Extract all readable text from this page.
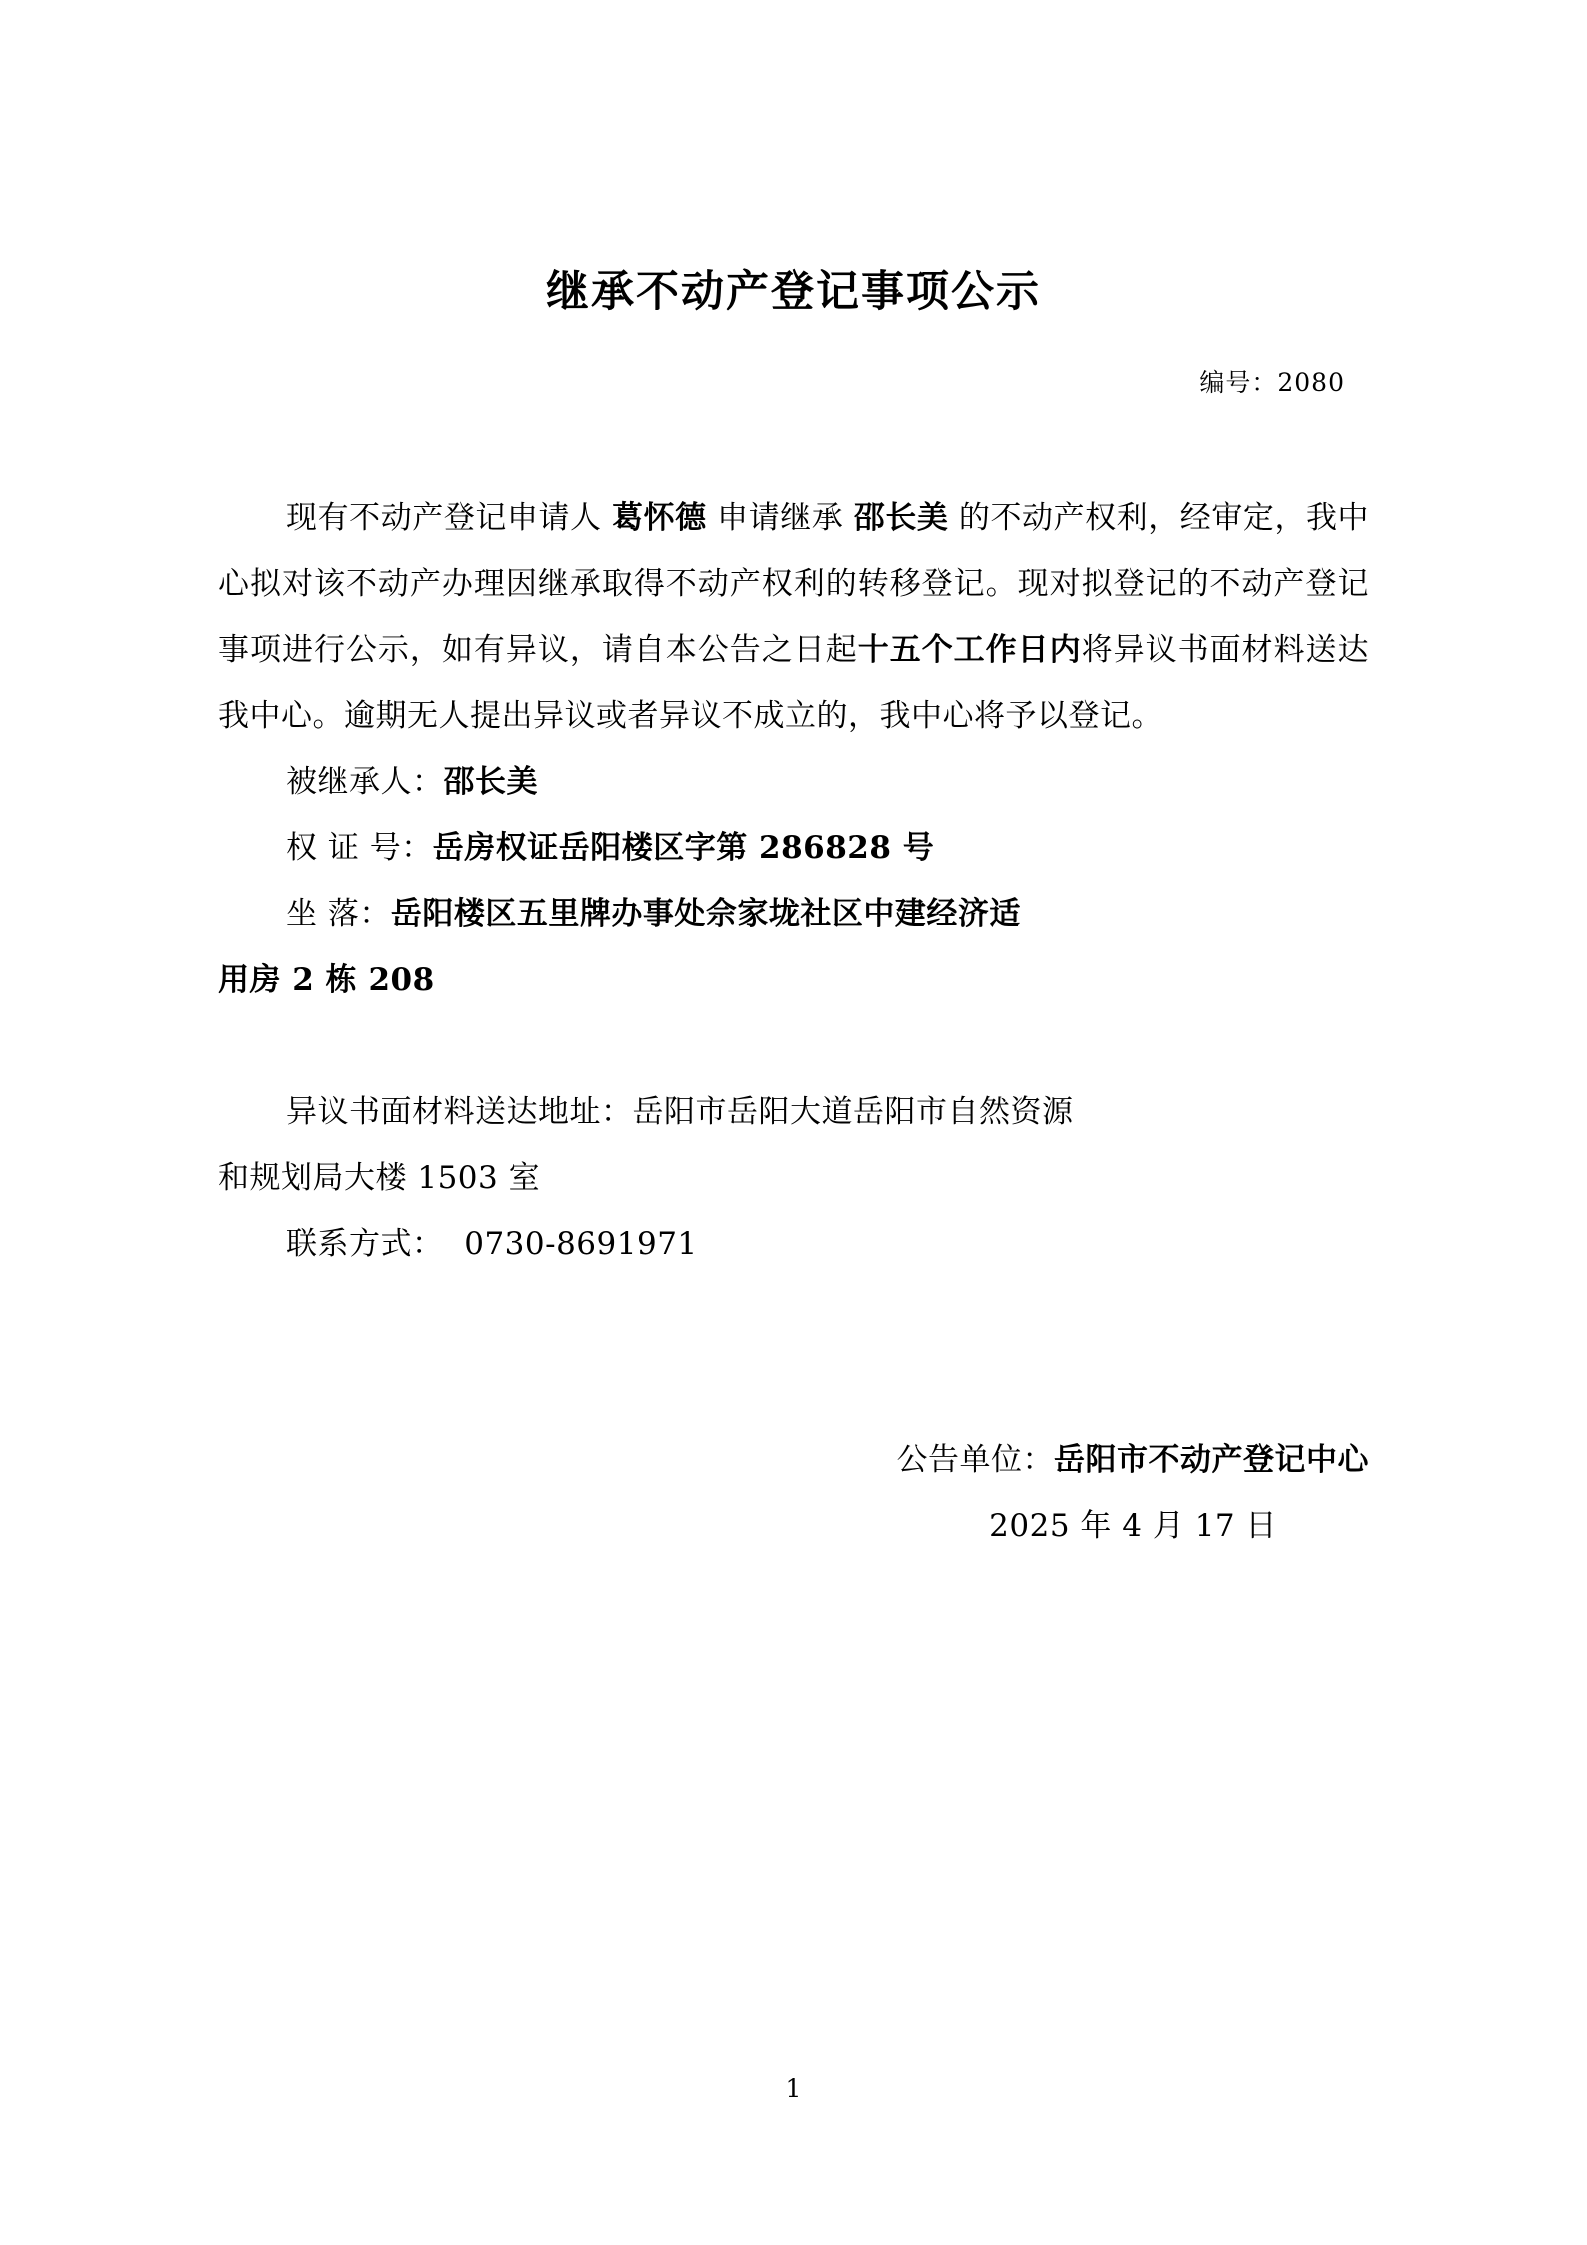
继承不动产登记事项公示
编号：2080
现有不动产登记申请人 葛怀德 申请继承 邵长美 的不动产权利，经审定，我中心拟对该不动产办理因继承取得不动产权利的转移登记。现对拟登记的不动产登记事项进行公示，如有异议，请自本公告之日起十五个工作日内将异议书面材料送达我中心。逾期无人提出异议或者异议不成立的，我中心将予以登记。
被继承人：邵长美
权 证 号：岳房权证岳阳楼区字第 286828 号
坐 落：岳阳楼区五里牌办事处佘家垅社区中建经济适
用房 2 栋 208
异议书面材料送达地址：岳阳市岳阳大道岳阳市自然资源
和规划局大楼 1503 室
联系方式： 0730-8691971
公告单位：岳阳市不动产登记中心
2025 年 4 月 17 日
1
